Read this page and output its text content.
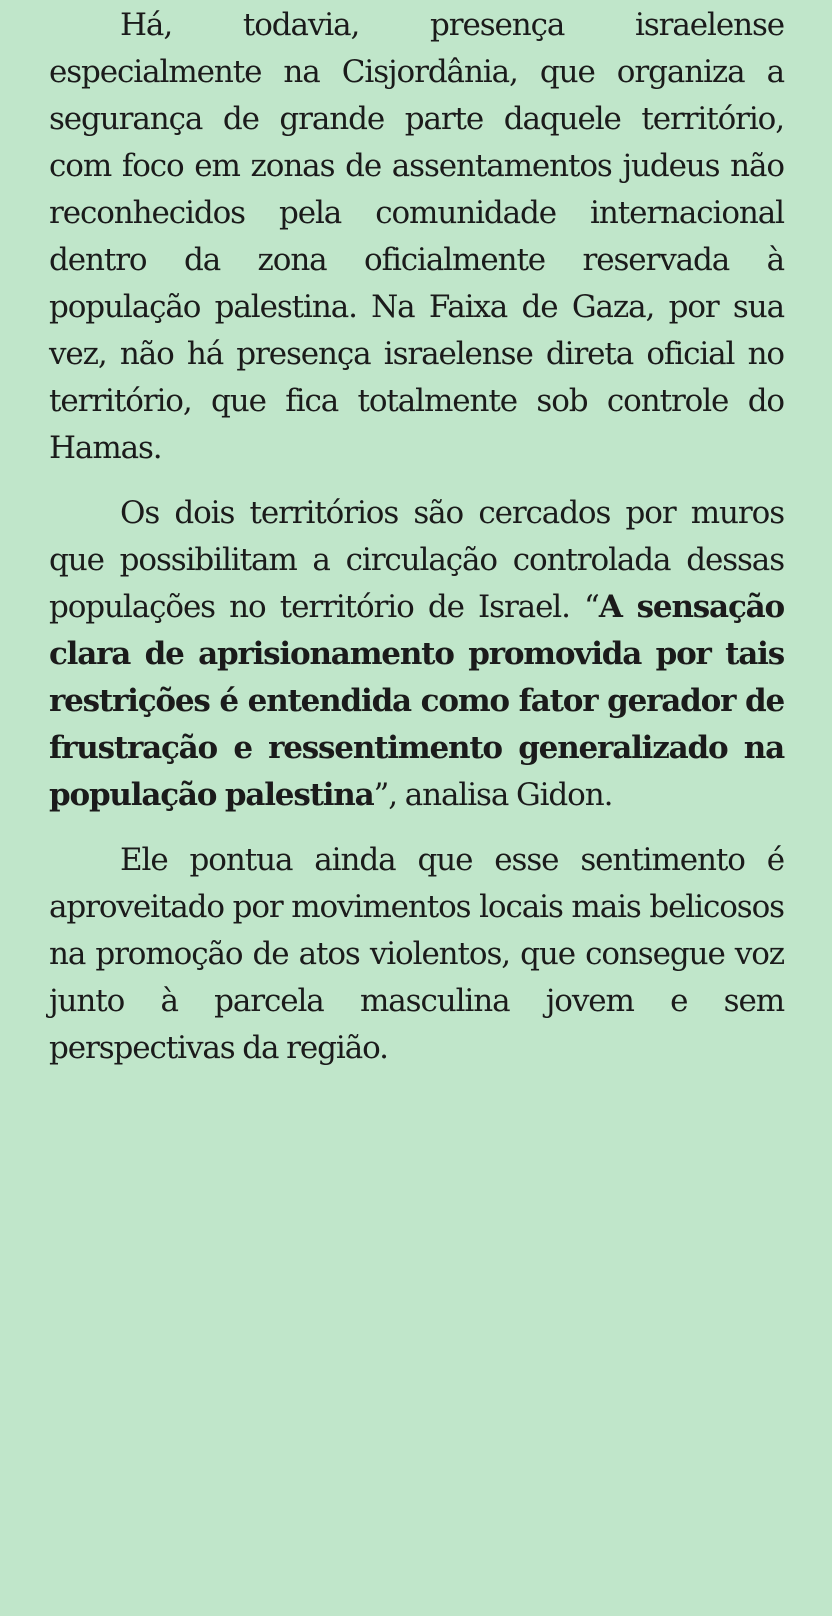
Há, todavia, presença israelense especialmente na Cisjordânia, que organiza a segurança de grande parte daquele território, com foco em zonas de assentamentos judeus não reconhecidos pela comunidade internacional dentro da zona oficialmente reservada à população palestina. Na Faixa de Gaza, por sua vez, não há presença israelense direta oficial no território, que fica totalmente sob controle do Hamas.

Os dois territórios são cercados por muros que possibilitam a circulação controlada dessas populações no território de Israel. “A sensação clara de aprisionamento promovida por tais restrições é entendida como fator gerador de frustração e ressentimento generalizado na população palestina”, analisa Gidon.

Ele pontua ainda que esse sentimento é aproveitado por movimentos locais mais belicosos na promoção de atos violentos, que consegue voz junto à parcela masculina jovem e sem perspectivas da região.
